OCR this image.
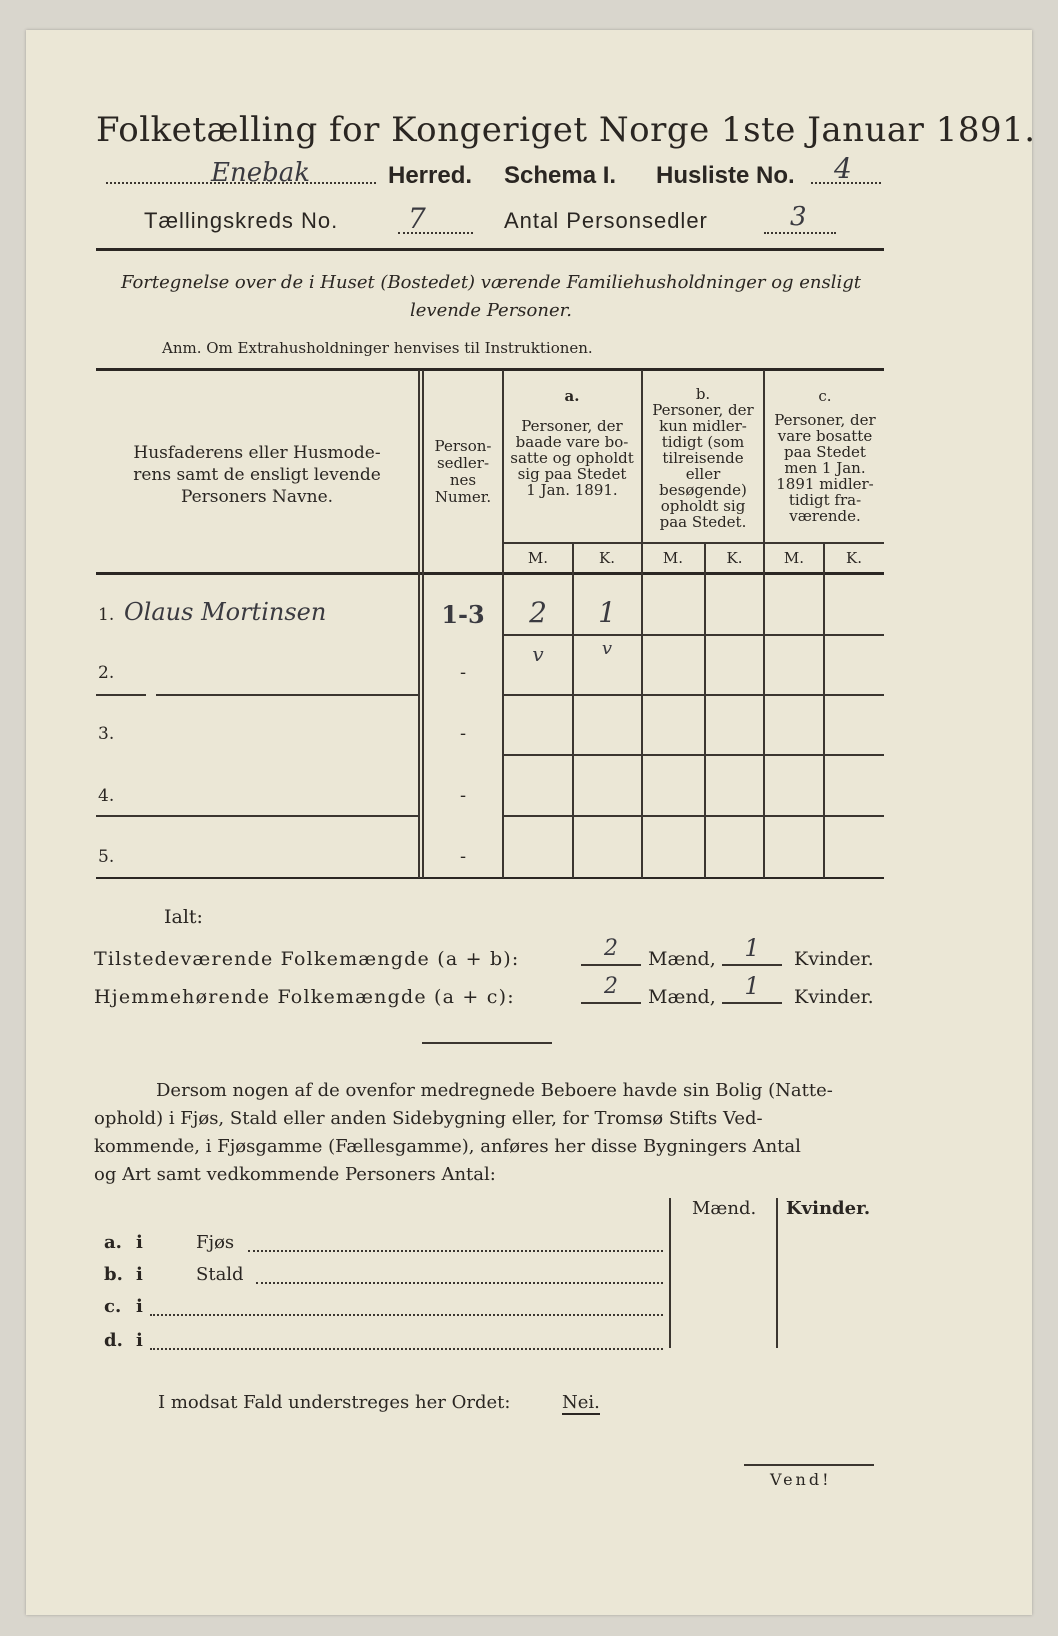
Folketælling for Kongeriget Norge 1ste Januar 1891.
Enebak	Herred. Schema I. Husliste No. 4
Tællingskreds No. 7	Antal Personsedler	3
Fortegnelse over de i Huset (Bostedet) værende Familiehusholdninger og ensligt
levende Personer.
Anm. Om Extrahusholdninger henvises til Instruktionen.
Husfaderens eller Husmode-
rens samt de ensligt levende
Personers Navne.
Person-
sedler-
nes
Numer.
a.
Personer, der
baade vare bo-
satte og opholdt
sig paa Stedet
1 Jan. 1891.
b.
Personer, der
kun midler-
tidigt (som
tilreisende
eller
besøgende)
opholdt sig
paa Stedet.
c.
Personer, der
vare bosatte
paa Stedet
men 1 Jan.
1891 midler-
tidigt fra-
værende.
M.	K.	M.	K.	M.	K.
1. Olaus Mortinsen	1-3	2	1
v	v
2.	-
3.	-
4.	-
5.	-
Ialt:
Tilstedeværende Folkemængde (a + b):	2	Mænd,	1	Kvinder.
Hjemmehørende Folkemængde (a + c):	2	Mænd,	1	Kvinder.
Dersom nogen af de ovenfor medregnede Beboere havde sin Bolig (Natte-
ophold) i Fjøs, Stald eller anden Sidebygning eller, for Tromsø Stifts Ved-
kommende, i Fjøsgamme (Fællesgamme), anføres her disse Bygningers Antal
og Art samt vedkommende Personers Antal:
Mænd. Kvinder.
a. i	Fjøs
b. i	Stald
c. i
d. i
I modsat Fald understreges her Ordet:	Nei.
Vend!
